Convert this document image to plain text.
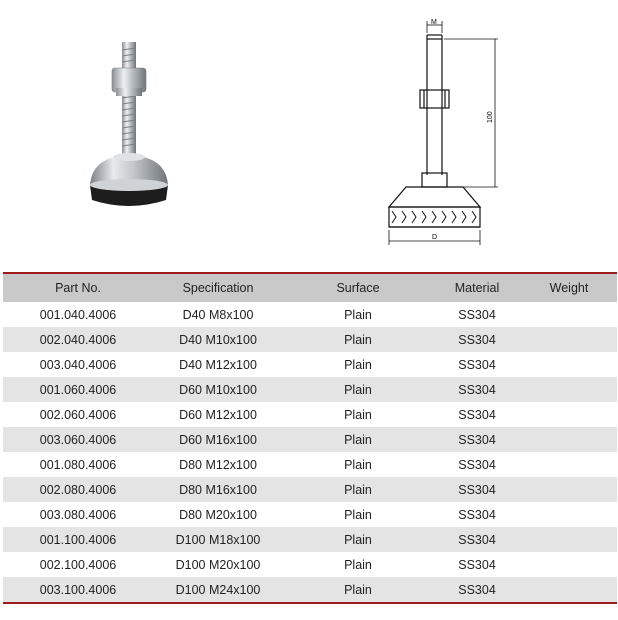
M
100
D
Part No.	Specification	Surface	Material	Weight
001.040.4006	D40 M8x100	Plain	SS304	
002.040.4006	D40 M10x100	Plain	SS304	
003.040.4006	D40 M12x100	Plain	SS304	
001.060.4006	D60 M10x100	Plain	SS304	
002.060.4006	D60 M12x100	Plain	SS304	
003.060.4006	D60 M16x100	Plain	SS304	
001.080.4006	D80 M12x100	Plain	SS304	
002.080.4006	D80 M16x100	Plain	SS304	
003.080.4006	D80 M20x100	Plain	SS304	
001.100.4006	D100 M18x100	Plain	SS304	
002.100.4006	D100 M20x100	Plain	SS304	
003.100.4006	D100 M24x100	Plain	SS304	
